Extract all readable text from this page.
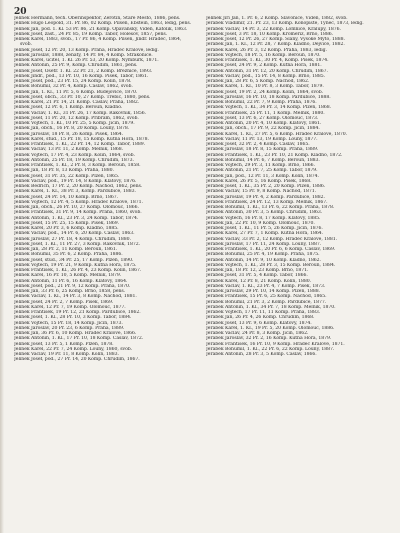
20

Jelinek Hermann, tech. Oberinspektor, Zerotín, Staré Město, 1886, pens.

Jelínek Hugo Leopold, 31. Pr. 86, 02 Komp. Pilsen, Ebstein, 1863, ledig, pens.

Jelínek Jan, pod. 1. Kl. 53 Pr. 86, 21 Komp. Opavanský, Vídeň, Katolík, 1863.

Jelínek Josef, zást., 24 Pr. 85, 19 Komp. Tábor, Holešov, 1857, pens.

Jelínek Karel, 1883, svob., 17 Pr. 86, 4 Komp. Pilsen, Jindř. Hradec, 1864, svob.

Jelínek Josef, 12 Pr. 20, 13 Komp. Praha, Hradec Králové, ledig.

Jelínek Jaroslav, 1888, ženatý, 14 Pr. 84, 4 Komp. Strakonice.

Jelínek Karel, učitel, 1. Kl. 26 Pr. 53, 20 Komp. Nymburk, 1871.

Jelínek Antonín, 25 Pr. 9, Komp. Chrudim, 1861, pens.

Jelínek Josef, Ošetř. 1. Kl. 22 Pr. 21, 2 Komp. Březnice, 1893.

Jelínek Jindř., pod., 13 Pr. 10, 16 Komp. Písek, Tábor, 1861.

Jelínek Josef, pod., 23 Pr. 15, 24 Komp. Kolín, 1878.

Jelínek Bohumil, 32 Pr. 4, Komp. Čáslav, 1862, svob.

Jelínek Jan, 1. Kl., 11 Pr. 5, 6 Komp. Budějovice, 1870.

Jelínek Josef, obch., 33 Pr. 10, 27 Komp. Třebíč, 1880, pens.

Jelínek Karel, 21 Pr. 14, 21 Komp. Čáslav, Praha, 1882.

Jelínek Josef, 12 Pr. 6, 1 Komp. Beroun, Kladno.

Jelínek Václav, 1. Kl., 31 Pr. 26, 17 Komp. Rakovník, 1856.

Jelínek Josef, 11 Pr. 20, 12 Komp. Příbram, 1862, svob.

Jelínek Vojtěch, 1. Kl., 10 Pr. 25, 5 Komp. Jičín, 1879.

Jelínek Jan, obch., 16 Pr. 8, 20 Komp. Louny, 1878.

Jelínek Jaroslav, 18 Pr. 8, 26 Komp. Písek, 1864.

Jelínek Karel, stud., 15 Pr. 18, 15 Komp. Kutná Hora, 1878.

Jelínek František, 1. Kl., 22 Pr. 14, 12 Komp. Tábor, 1889.

Jelínek Václav, 13 Pr. 11, 2 Komp. Mělník, 1868.

Jelínek Vojtěch, 17 Pr. 4, 23 Komp. Kolín, 1864, svob.

Jelínek Antonín, 25 Pr. 18, 19 Komp. Chrudim, 1873.

Jelínek František, 1. Kl., 2 Pr. 8, 3 Komp. Beroun, 1858.

Jelínek Jan, 18 Pr. 8, 13 Komp. Praha, 1880.

Jelínek Josef, 31 Pr. 35, 22 Komp. Plzeň, 1865.

Jelínek Václav, pod., 19 Pr. 14, 8 Komp. Klatovy, 1876.

Jelínek Bedřich, 17 Pr. 2, 20 Komp. Náchod, 1862, pens.

Jelínek Karel, 1. Kl., 38 Pr. 3, Komp. Pardubice, 1883.

Jelínek Josef, 24 Pr. 14, 10 Komp. Brno, 1867.

Jelínek Vojtěch, 12 Pr. 4, 5 Komp. Hradec Králové, 1871.

Jelínek Jan, obch., 26 Pr. 10, 27 Komp. Olomouc, 1866.

Jelínek František, 31 Pr. 9, 14 Komp. Praha, 1860, svob.

Jelínek Antonín, 1. Kl., 23 Pr. 3, 24 Komp. Tábor, 1874.

Jelínek Josef, 15 Pr. 25, 15 Komp. Písek, 1869.

Jelínek Karel, 20 Pr. 3, 6 Komp. Kladno, 1885.

Jelínek Václav, pod., 14 Pr. 6, 20 Komp. Čáslav, 1863.

Jelínek Jaroslav, 27 Pr. 18, 4 Komp. Chrudim, 1880.

Jelínek Josef, 1. Kl., 11 Pr. 27, 3 Komp. Rakovník, 1872.

Jelínek Jan, 28 Pr. 2, 11 Komp. Beroun, 1861.

Jelínek Bohumil, 35 Pr. 6, 2 Komp. Praha, 1886.

Jelínek Josef, stud., 34 Pr. 25, 17 Komp. Plzeň, 1890.

Jelínek Vojtěch, 19 Pr. 21, 9 Komp. Kutná Hora, 1875.

Jelínek František, 1. Kl., 26 Pr. 4, 23 Komp. Kolín, 1867.

Jelínek Karel, 16 Pr. 10, 5 Komp. Mělník, 1879.

Jelínek Antonín, 11 Pr. 6, 16 Komp. Klatovy, 1864.

Jelínek Josef, pod., 21 Pr. 9, 12 Komp. Praha, 1870.

Jelínek Jan, 33 Pr. 6, 25 Komp. Brno, 1858, pens.

Jelínek Václav, 1. Kl., 14 Pr. 3, 8 Komp. Náchod, 1881.

Jelínek Josef, 24 Pr. 2, 7 Komp. Písek, 1869.

Jelínek Karel, 12 Pr. 7, 19 Komp. Olomouc, 1877.

Jelínek František, 19 Pr. 12, 21 Komp. Pardubice, 1862.

Jelínek Josef, 1. Kl., 28 Pr. 10, 3 Komp. Tábor, 1884.

Jelínek Vojtěch, 15 Pr. 18, 14 Komp. Jičín, 1873.

Jelínek Jaroslav, 20 Pr. 23, 6 Komp. Praha, 1889.

Jelínek Jan, 36 Pr. 6, 10 Komp. Hradec Králové, 1866.

Jelínek Antonín, 1. Kl., 17 Pr. 10, 18 Komp. Čáslav, 1872.

Jelínek Josef, 13 Pr. 5, 1 Komp. Plzeň, 1878.

Jelínek Karel, 22 Pr. 7, 24 Komp. Louny, 1860, svob.

Jelínek Václav, 19 Pr. 11, 8 Komp. Kolín, 1883.

Jelínek Josef, pod., 27 Pr. 14, 20 Komp. Chrudim, 1867.

Jelínek Jiří Jan, 1. Pr. 6, 2 Komp. Slavonice, Vídeň, 1882, svob.

Jeřábek Vladimír, 21. Pr. 23, 13 Komp. Konopiště, Týnec, 1873, ledig.

Jeřábek Václav, 14 Pr. 3, 22 Komp. Lomnice, Kralupy, 1876.

Jeřábek Josef, 3 Pr. 18, 10 Komp. Kroměříž, Brno, 1886.

Jeřábek Josef, 12 Pr. 26, 27 Komp. Slaný, Vysoké Mýto, 1888.

Jeřábek Jan, 1. Kl., 12 Pr. 28, 7 Komp. Kladno, Dejvice, 1882.

Jeřábek Karel, 26 Pr. 3, 12 Komp. Praha, 1883, ledig.

Jeřábek Vojtěch, 18 Pr. 5, 16 Komp. Beroun, 1870.

Jeřábek František, 1. Kl., 30 Pr. 4, Komp. Písek, 1874.

Jeřábek Josef, 24 Pr. 9, 2 Komp. Kutná Hora, 1881.

Jeřábek Antonín, 31 Pr. 12, 20 Komp. Chrudim, 1867.

Jeřábek Václav, pod., 15 Pr. 14, 8 Komp. Brno, 1885.

Jeřábek Jan, 28 Pr. 6, 5 Komp. Náchod, 1862.

Jeřábek Karel, 1. Kl., 10 Pr. 8, 3 Komp. Tábor, 1879.

Jeřábek Josef, 19 Pr. 2, 24 Komp. Kolín, 1864, svob.

Jeřábek Jaroslav, 16 Pr. 10, 18 Komp. Pardubice, 1888.

Jeřábek Bohumil, 22 Pr. 7, 9 Komp. Praha, 1876.

Jeřábek Vojtěch, 1. Kl., 34 Pr. 3, 14 Komp. Plzeň, 1868.

Jeřábek František, 25 Pr. 11, 1 Komp. Mělník, 1880.

Jeřábek Josef, 13 Pr. 6, 27 Komp. Olomouc, 1873.

Jeřábek Antonín, 20 Pr. 4, 10 Komp. Klatovy, 1861.

Jeřábek Jan, obch., 17 Pr. 9, 22 Komp. Jičín, 1884.

Jeřábek Karel, 1. Kl., 27 Pr. 5, 6 Komp. Hradec Králové, 1870.

Jeřábek Václav, 11 Pr. 13, 19 Komp. Louny, 1877.

Jeřábek Josef, 32 Pr. 2, 4 Komp. Čáslav, 1865.

Jeřábek Jaroslav, 18 Pr. 8, 15 Komp. Praha, 1889.

Jeřábek František, 1. Kl., 23 Pr. 10, 21 Komp. Kladno, 1872.

Jeřábek Bohumil, 14 Pr. 6, 7 Komp. Beroun, 1883.

Jeřábek Vojtěch, 29 Pr. 3, 11 Komp. Brno, 1866.

Jeřábek Antonín, 21 Pr. 7, 25 Komp. Tábor, 1879.

Jeřábek Jan, pod., 12 Pr. 11, 3 Komp. Kolín, 1874.

Jeřábek Karel, 26 Pr. 5, 16 Komp. Písek, 1868.

Jeřábek Josef, 1. Kl., 35 Pr. 2, 20 Komp. Plzeň, 1886.

Jeřábek Václav, 15 Pr. 9, 8 Komp. Náchod, 1871.

Jeřábek Jaroslav, 19 Pr. 4, 2 Komp. Pardubice, 1882.

Jeřábek František, 24 Pr. 12, 13 Komp. Mělník, 1867.

Jeřábek Bohumil, 1. Kl., 13 Pr. 6, 22 Komp. Praha, 1878.

Jeřábek Antonín, 30 Pr. 3, 5 Komp. Chrudim, 1863.

Jeřábek Vojtěch, 16 Pr. 8, 17 Komp. Klatovy, 1885.

Jeřábek Jan, 22 Pr. 10, 9 Komp. Olomouc, 1870.

Jeřábek Josef, 1. Kl., 11 Pr. 5, 26 Komp. Jičín, 1876.

Jeřábek Karel, 27 Pr. 7, 1 Komp. Kutná Hora, 1864.

Jeřábek Václav, 33 Pr. 2, 12 Komp. Hradec Králové, 1881.

Jeřábek Jaroslav, 17 Pr. 11, 24 Komp. Louny, 1887.

Jeřábek František, 1. Kl., 20 Pr. 6, 6 Komp. Čáslav, 1869.

Jeřábek Bohumil, 25 Pr. 4, 19 Komp. Praha, 1875.

Jeřábek Antonín, 14 Pr. 9, 10 Komp. Kladno, 1862.

Jeřábek Vojtěch, 1. Kl., 28 Pr. 3, 15 Komp. Beroun, 1884.

Jeřábek Jan, 18 Pr. 12, 23 Komp. Brno, 1871.

Jeřábek Josef, 31 Pr. 5, 4 Komp. Tábor, 1866.

Jeřábek Karel, 12 Pr. 8, 21 Komp. Kolín, 1880.

Jeřábek Václav, 1. Kl., 23 Pr. 4, 7 Komp. Písek, 1873.

Jeřábek Jaroslav, 29 Pr. 10, 14 Komp. Plzeň, 1888.

Jeřábek František, 15 Pr. 6, 25 Komp. Náchod, 1865.

Jeřábek Bohumil, 21 Pr. 3, 2 Komp. Pardubice, 1877.

Jeřábek Antonín, 1. Kl., 34 Pr. 7, 18 Komp. Mělník, 1870.

Jeřábek Vojtěch, 17 Pr. 11, 11 Komp. Praha, 1883.

Jeřábek Jan, 26 Pr. 4, 26 Komp. Chrudim, 1868.

Jeřábek Josef, 13 Pr. 9, 6 Komp. Klatovy, 1874.

Jeřábek Karel, 1. Kl., 19 Pr. 5, 20 Komp. Olomouc, 1886.

Jeřábek Václav, 24 Pr. 8, 3 Komp. Jičín, 1862.

Jeřábek Jaroslav, 32 Pr. 2, 16 Komp. Kutná Hora, 1879.

Jeřábek František, 16 Pr. 10, 9 Komp. Hradec Králové, 1871.

Jeřábek Bohumil, 1. Kl., 22 Pr. 6, 22 Komp. Louny, 1887.

Jeřábek Antonín, 28 Pr. 3, 5 Komp. Čáslav, 1866.
